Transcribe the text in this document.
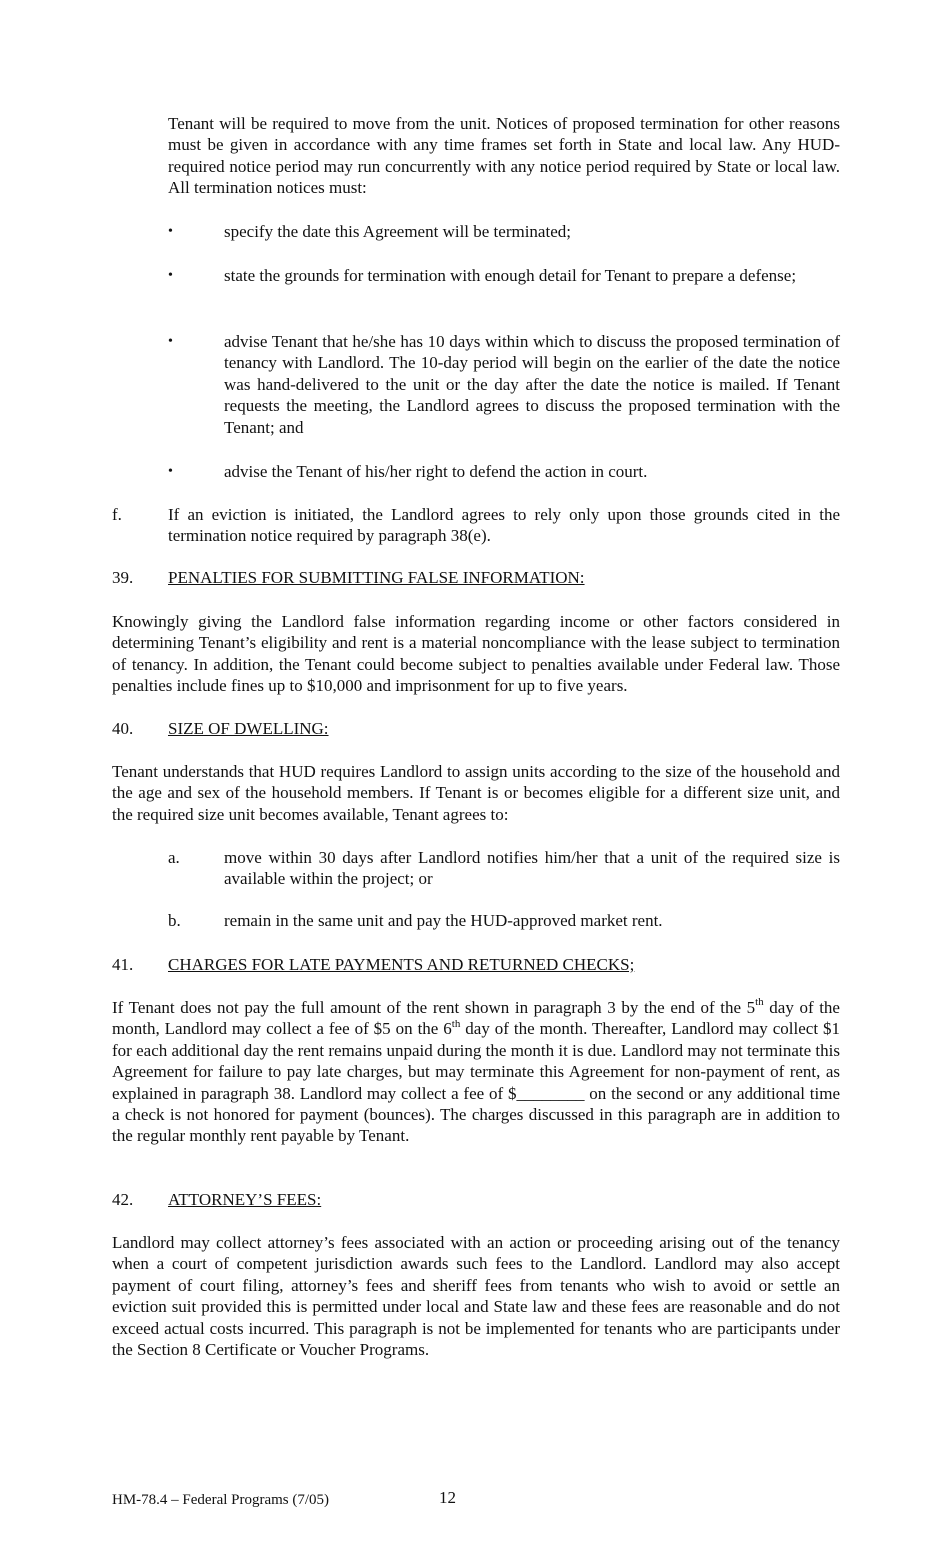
Tenant will be required to move from the unit. Notices of proposed termination for other reasons must be given in accordance with any time frames set forth in State and local law. Any HUD-required notice period may run concurrently with any notice period required by State or local law. All termination notices must:

•	specify the date this Agreement will be terminated;
•	state the grounds for termination with enough detail for Tenant to prepare a defense;
•	advise Tenant that he/she has 10 days within which to discuss the proposed termination of tenancy with Landlord. The 10-day period will begin on the earlier of the date the notice was hand-delivered to the unit or the day after the date the notice is mailed. If Tenant requests the meeting, the Landlord agrees to discuss the proposed termination with the Tenant; and
•	advise the Tenant of his/her right to defend the action in court.
f.	If an eviction is initiated, the Landlord agrees to rely only upon those grounds cited in the termination notice required by paragraph 38(e).

39. PENALTIES FOR SUBMITTING FALSE INFORMATION:

Knowingly giving the Landlord false information regarding income or other factors considered in determining Tenant’s eligibility and rent is a material noncompliance with the lease subject to termination of tenancy. In addition, the Tenant could become subject to penalties available under Federal law. Those penalties include fines up to $10,000 and imprisonment for up to five years.

40. SIZE OF DWELLING:

Tenant understands that HUD requires Landlord to assign units according to the size of the household and the age and sex of the household members. If Tenant is or becomes eligible for a different size unit, and the required size unit becomes available, Tenant agrees to:

a.	move within 30 days after Landlord notifies him/her that a unit of the required size is available within the project; or
b.	remain in the same unit and pay the HUD-approved market rent.
41. CHARGES FOR LATE PAYMENTS AND RETURNED CHECKS;

If Tenant does not pay the full amount of the rent shown in paragraph 3 by the end of the 5th day of the month, Landlord may collect a fee of $5 on the 6th day of the month. Thereafter, Landlord may collect $1 for each additional day the rent remains unpaid during the month it is due. Landlord may not terminate this Agreement for failure to pay late charges, but may terminate this Agreement for non-payment of rent, as explained in paragraph 38. Landlord may collect a fee of $________ on the second or any additional time a check is not honored for payment (bounces). The charges discussed in this paragraph are in addition to the regular monthly rent payable by Tenant.

42. ATTORNEY’S FEES:

Landlord may collect attorney’s fees associated with an action or proceeding arising out of the tenancy when a court of competent jurisdiction awards such fees to the Landlord. Landlord may also accept payment of court filing, attorney’s fees and sheriff fees from tenants who wish to avoid or settle an eviction suit provided this is permitted under local and State law and these fees are reasonable and do not exceed actual costs incurred. This paragraph is not be implemented for tenants who are participants under the Section 8 Certificate or Voucher Programs.

HM-78.4 – Federal Programs (7/05)	12
